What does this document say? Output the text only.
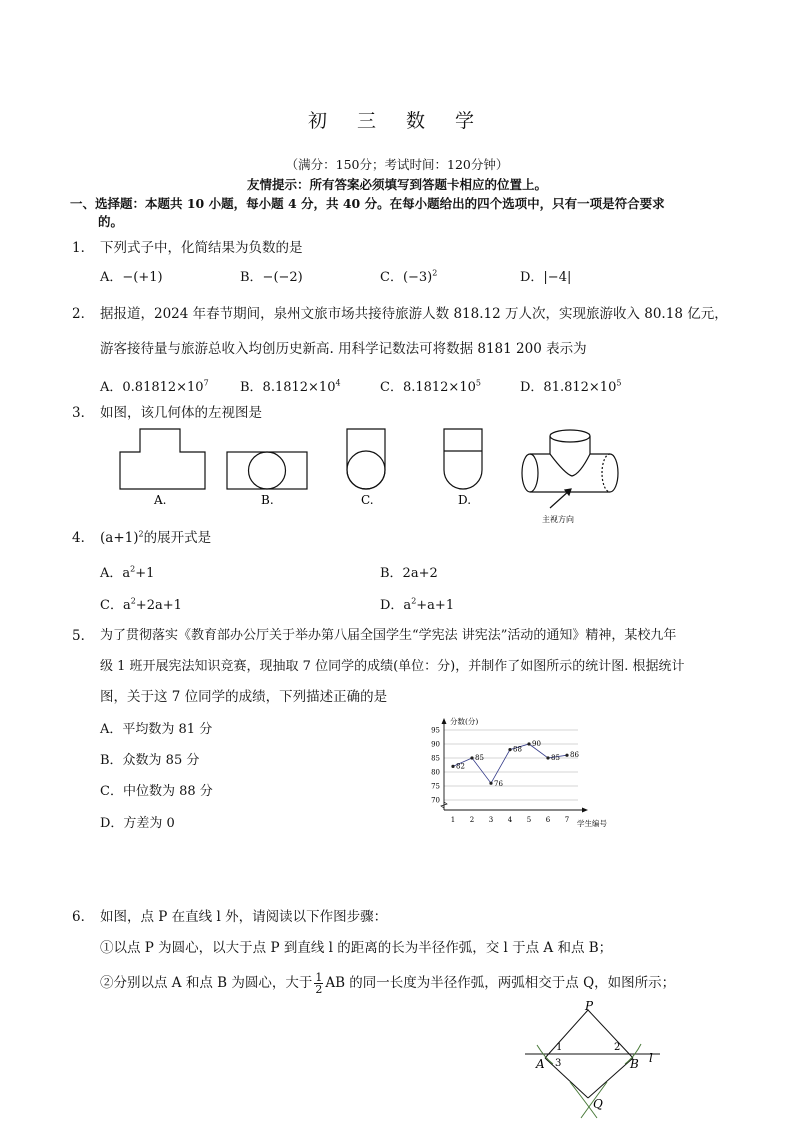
初 三 数 学
（满分：150分；考试时间：120分钟）
友情提示：所有答案必须填写到答题卡相应的位置上。
一、选择题：本题共 10 小题，每小题 4 分，共 40 分。在每小题给出的四个选项中，只有一项是符合要求
的。
1． 下列式子中，化简结果为负数的是
A．−(+1)	B．−(−2)	C．$(-3)^2$	D．|−4|
2． 据报道，2024 年春节期间，泉州文旅市场共接待旅游人数 818.12 万人次，实现旅游收入 80.18 亿元，
游客接待量与旅游总收入均创历史新高. 用科学记数法可将数据 8181 200 表示为
A．$0.81812\times 10^7$ B．$8.1812\times 10^4$	C．$8.1812\times 10^5$	D．$81.812\times 10^5$
3． 如图，该几何体的左视图是
A.	B.	C.	D.
主视方向
4． $(a+1)^2$的展开式是
A．$a^2+1$	B．2a+2
C．$a^2+2a+1$	D．$a^2+a+1$
5． 为了贯彻落实《教育部办公厅关于举办第八届全国学生“学宪法 讲宪法”活动的通知》精神，某校九年
级 1 班开展宪法知识竞赛，现抽取 7 位同学的成绩(单位：分)，并制作了如图所示的统计图. 根据统计
图，关于这 7 位同学的成绩，下列描述正确的是
A．平均数为 81 分
B．众数为 85 分
C．中位数为 88 分
D．方差为 0
95
90
85
80
75
70
1 2 3 4 5 6 7
82
85
76
88
90
85 86
分数(分)
学生编号
6． 如图，点 P 在直线 l 外，请阅读以下作图步骤：
①以点 P 为圆心，以大于点 P 到直线 l 的距离的长为半径作弧，交 l 于点 A 和点 B；
②分别以点 A 和点 B 为圆心，大于 $\frac{1}{2}$ AB 的同一长度为半径作弧，两弧相交于点 Q，如图所示；
P
A	B
Q
l
1	2
3
